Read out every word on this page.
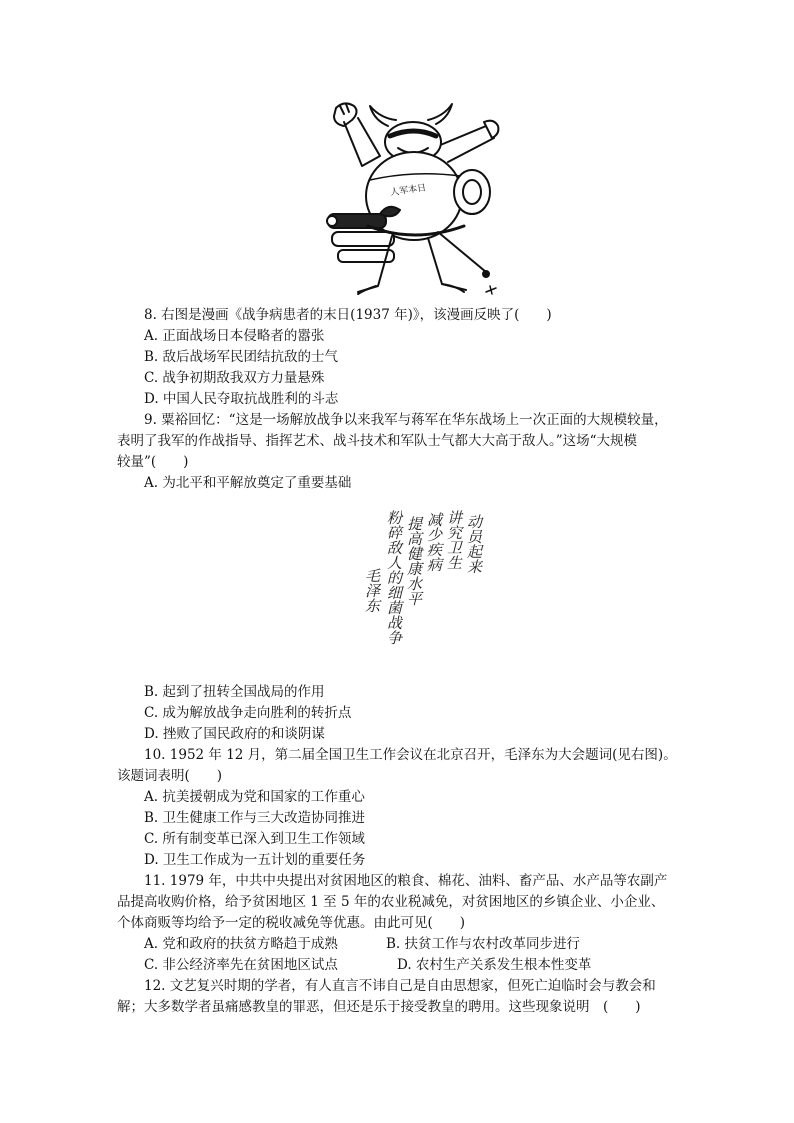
人军本日
8. 右图是漫画《战争病患者的末日(1937 年)》，该漫画反映了(　　)
A. 正面战场日本侵略者的嚣张
B. 敌后战场军民团结抗敌的士气
C. 战争初期敌我双方力量悬殊
D. 中国人民夺取抗战胜利的斗志
9. 粟裕回忆：“这是一场解放战争以来我军与蒋军在华东战场上一次正面的大规模较量，
表明了我军的作战指导、指挥艺术、战斗技术和军队士气都大大高于敌人。”这场“大规模
较量”(　　)
A. 为北平和平解放奠定了重要基础
动员起来
讲究卫生
减少疾病
提高健康水平
粉碎敌人的细菌战争
毛泽东
B. 起到了扭转全国战局的作用
C. 成为解放战争走向胜利的转折点
D. 挫败了国民政府的和谈阴谋
10. 1952 年 12 月，第二届全国卫生工作会议在北京召开，毛泽东为大会题词(见右图)。
该题词表明(　　)
A. 抗美援朝成为党和国家的工作重心
B. 卫生健康工作与三大改造协同推进
C. 所有制变革已深入到卫生工作领域
D. 卫生工作成为一五计划的重要任务
11. 1979 年，中共中央提出对贫困地区的粮食、棉花、油料、畜产品、水产品等农副产
品提高收购价格，给予贫困地区 1 至 5 年的农业税减免，对贫困地区的乡镇企业、小企业、
个体商贩等均给予一定的税收减免等优惠。由此可见(　　)
A. 党和政府的扶贫方略趋于成熟	B. 扶贫工作与农村改革同步进行
C. 非公经济率先在贫困地区试点	D. 农村生产关系发生根本性变革
12. 文艺复兴时期的学者，有人直言不讳自己是自由思想家，但死亡迫临时会与教会和
解；大多数学者虽痛感教皇的罪恶，但还是乐于接受教皇的聘用。这些现象说明　(　　)
